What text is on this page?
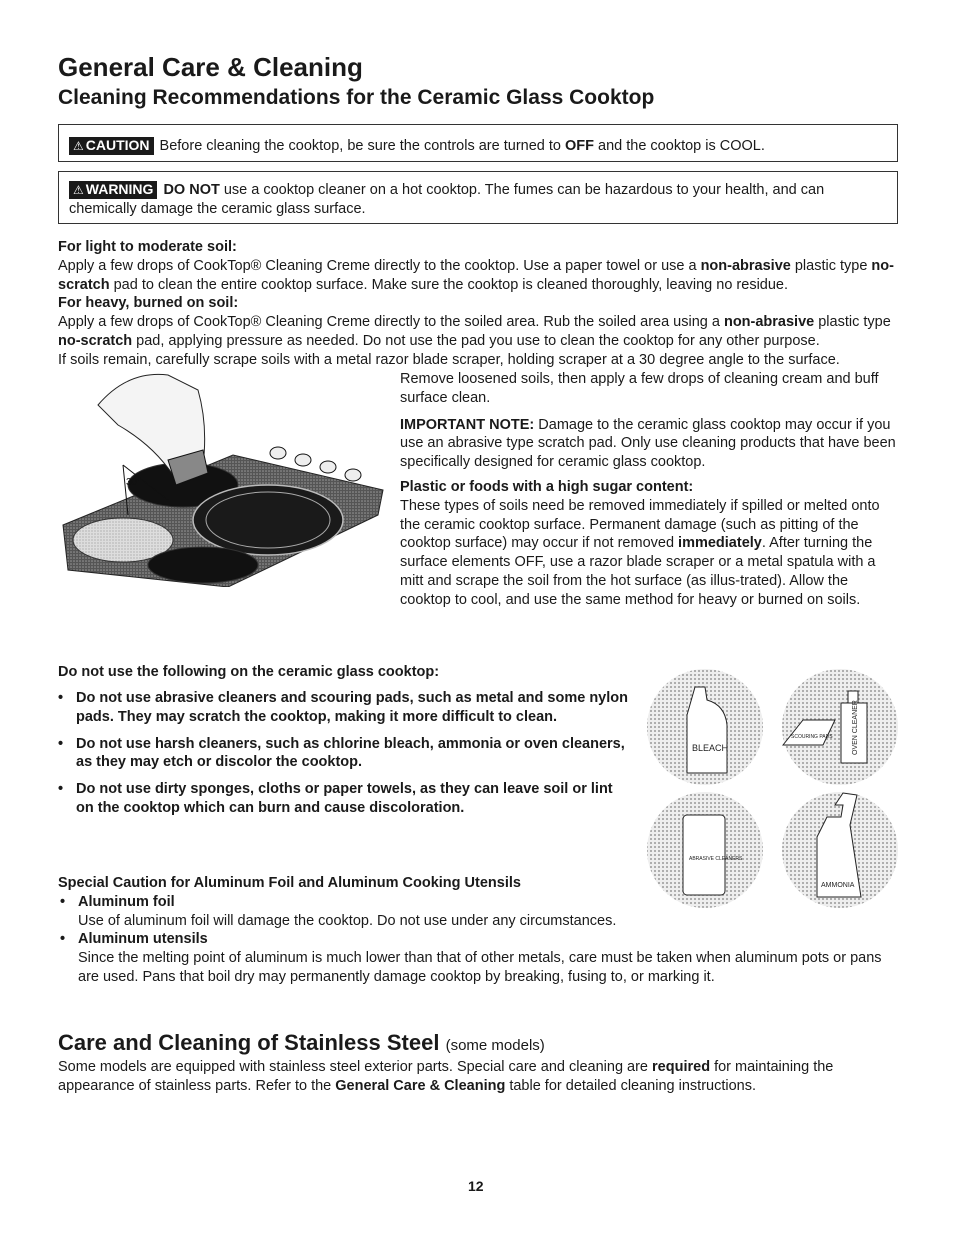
General Care & Cleaning
Cleaning Recommendations for the Ceramic Glass Cooktop
⚠ CAUTION Before cleaning the cooktop, be sure the controls are turned to OFF and the cooktop is COOL.
⚠ WARNING DO NOT use a cooktop cleaner on a hot cooktop. The fumes can be hazardous to your health, and can chemically damage the ceramic glass surface.
For light to moderate soil:
Apply a few drops of CookTop® Cleaning Creme directly to the cooktop. Use a paper towel or use a non-abrasive plastic type no-scratch pad to clean the entire cooktop surface. Make sure the cooktop is cleaned thoroughly, leaving no residue.
For heavy, burned on soil:
Apply a few drops of CookTop® Cleaning Creme directly to the soiled area. Rub the soiled area using a non-abrasive plastic type no-scratch pad, applying pressure as needed. Do not use the pad you use to clean the cooktop for any other purpose.
If soils remain, carefully scrape soils with a metal razor blade scraper, holding scraper at a 30 degree angle to the surface.
30°
Remove loosened soils, then apply a few drops of cleaning cream and buff surface clean.
IMPORTANT NOTE: Damage to the ceramic glass cooktop may occur if you use an abrasive type scratch pad. Only use cleaning products that have been specifically designed for ceramic glass cooktop.
Plastic or foods with a high sugar content:
These types of soils need be removed immediately if spilled or melted onto the ceramic cooktop surface. Permanent damage (such as pitting of the cooktop surface) may occur if not removed immediately. After turning the surface elements OFF, use a razor blade scraper or a metal spatula with a mitt and scrape the soil from the hot surface (as illus-trated). Allow the cooktop to cool, and use the same method for heavy or burned on soils.
Do not use the following on the ceramic glass cooktop:
• Do not use abrasive cleaners and scouring pads, such as metal and some nylon pads. They may scratch the cooktop, making it more difficult to clean.
• Do not use harsh cleaners, such as chlorine bleach, ammonia or oven cleaners, as they may etch or discolor the cooktop.
• Do not use dirty sponges, cloths or paper towels, as they can leave soil or lint on the cooktop which can burn and cause discoloration.
BLEACH
SCOURING PADS	OVEN CLEANER
ABRASIVE CLEANERS
AMMONIA
Special Caution for Aluminum Foil and Aluminum Cooking Utensils
• Aluminum foil
Use of aluminum foil will damage the cooktop. Do not use under any circumstances.
• Aluminum utensils
Since the melting point of aluminum is much lower than that of other metals, care must be taken when aluminum pots or pans are used. Pans that boil dry may permanently damage cooktop by breaking, fusing to, or marking it.
Care and Cleaning of Stainless Steel (some models)
Some models are equipped with stainless steel exterior parts. Special care and cleaning are required for maintaining the appearance of stainless parts. Refer to the General Care & Cleaning table for detailed cleaning instructions.
12
